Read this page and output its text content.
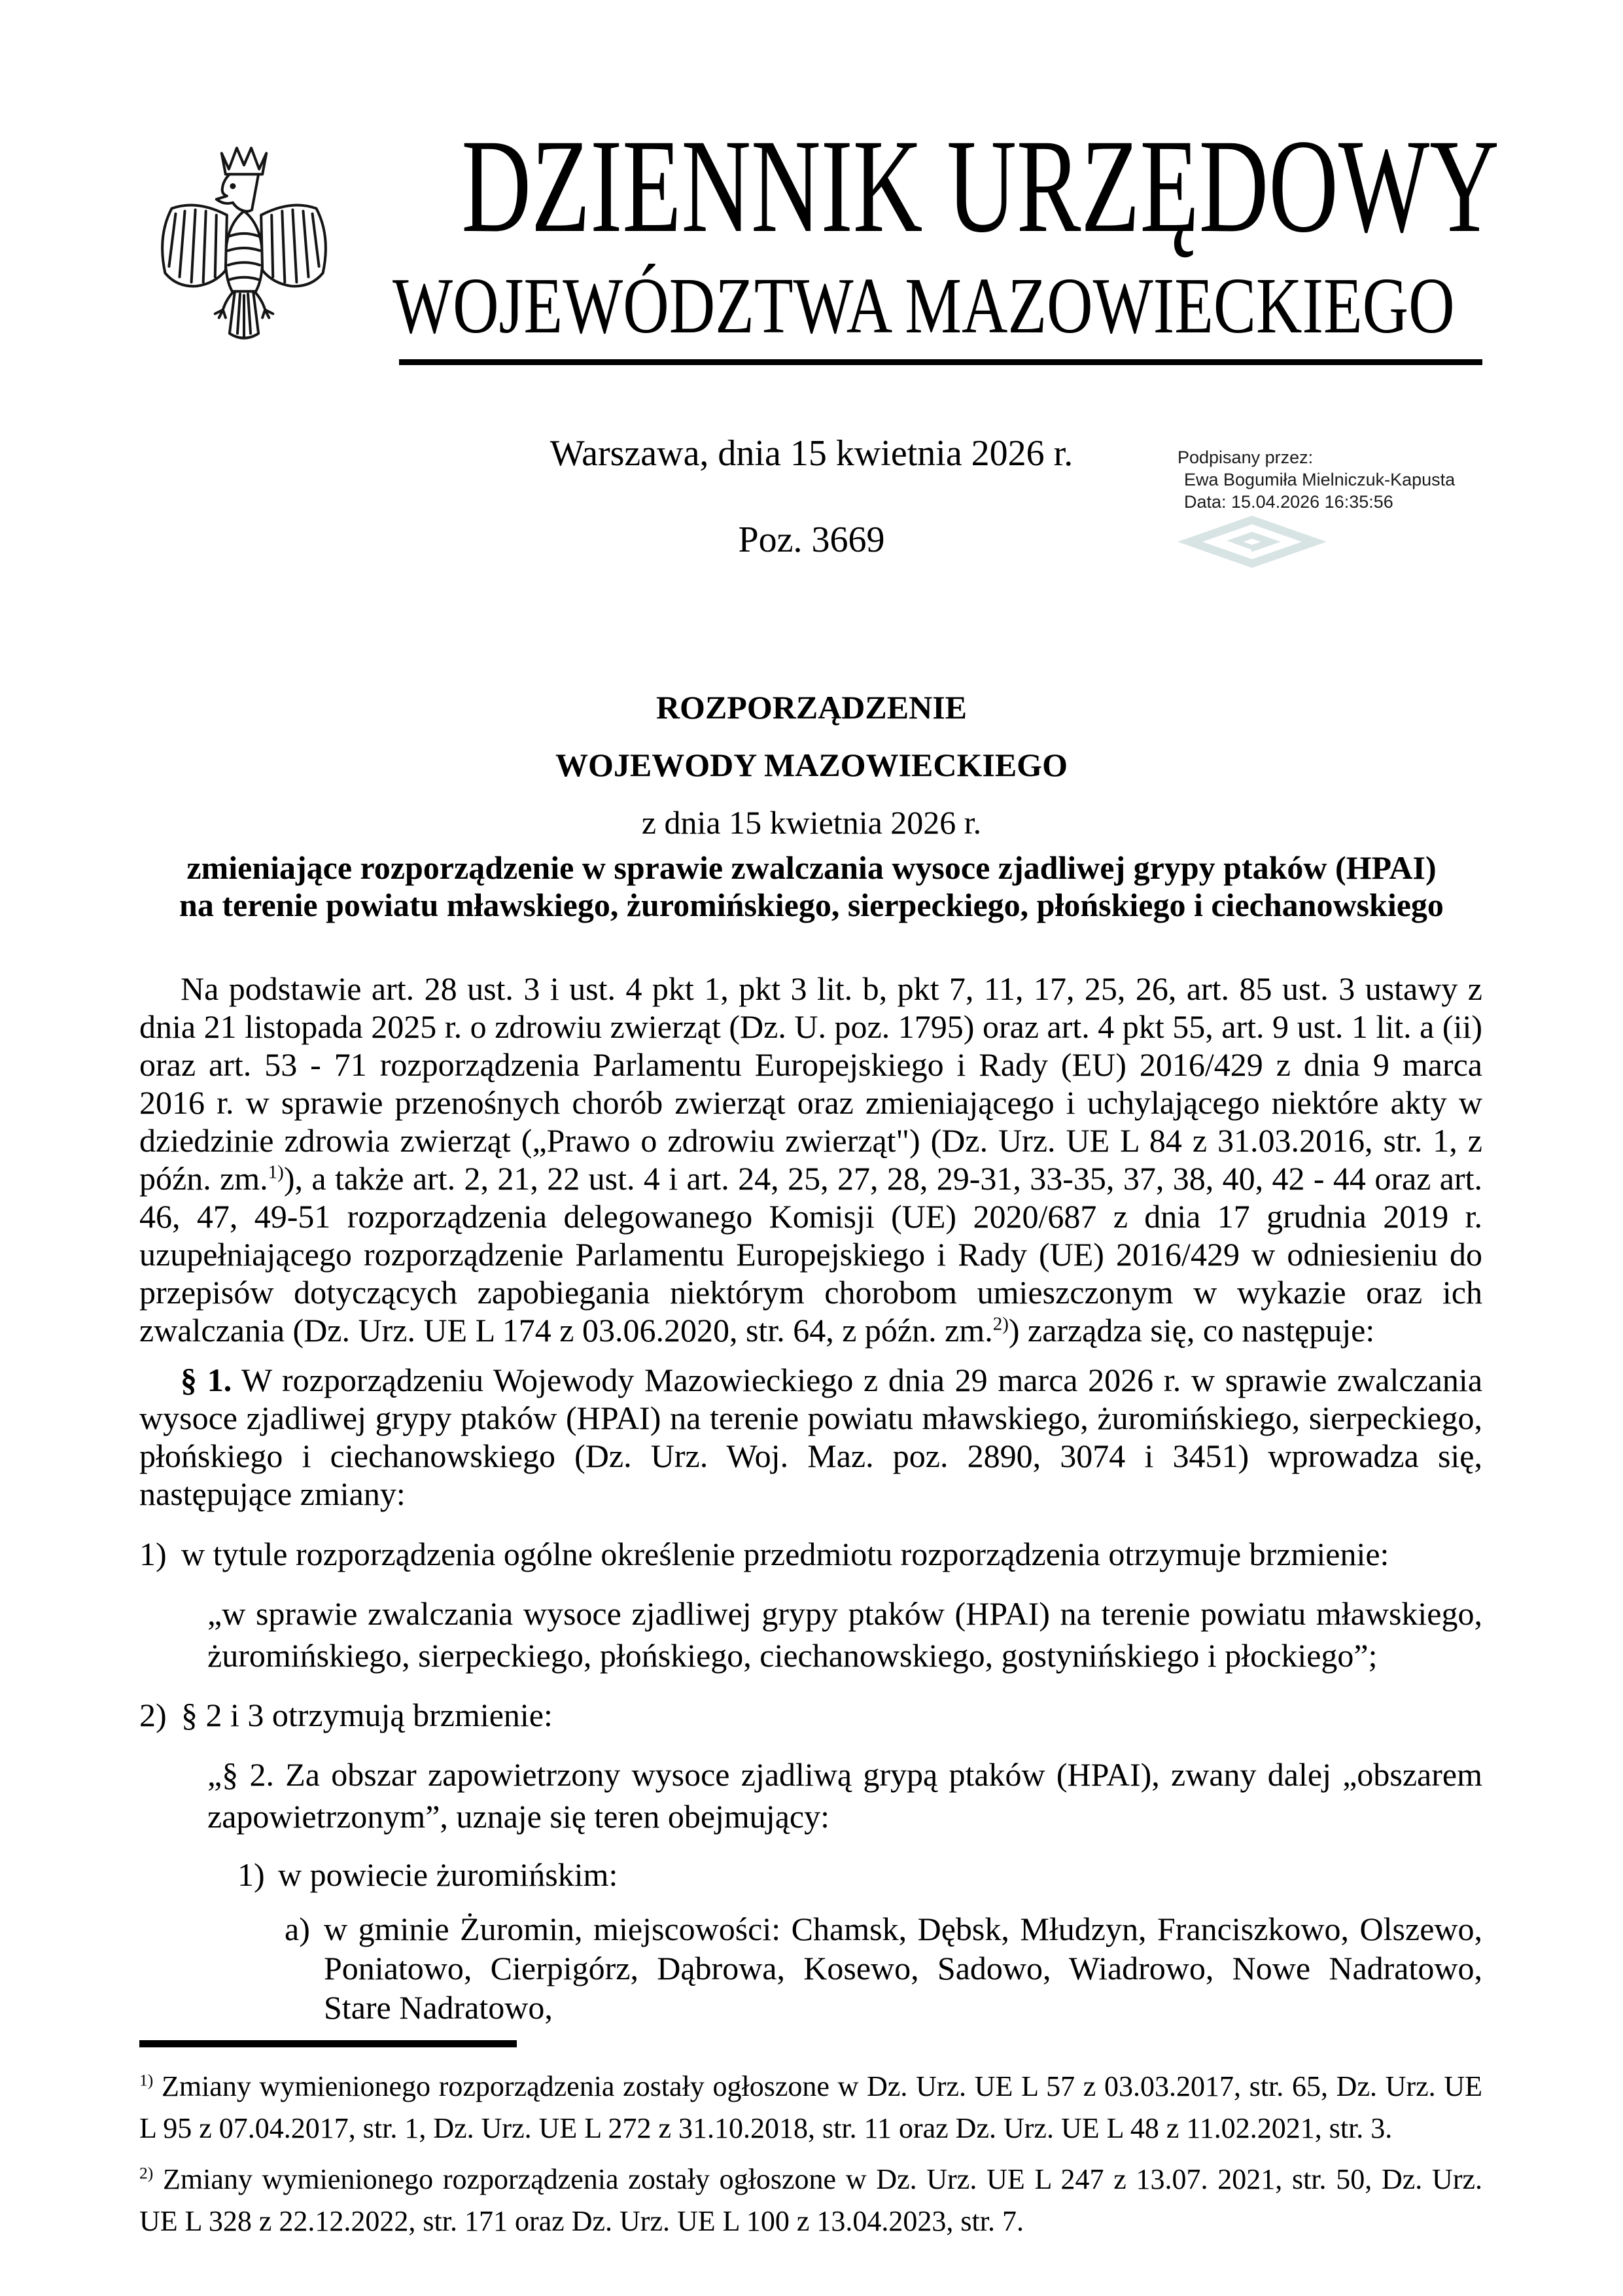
DZIENNIK URZĘDOWY
WOJEWÓDZTWA MAZOWIECKIEGO
Warszawa, dnia 15 kwietnia 2026 r.
Poz. 3669
Podpisany przez:
Ewa Bogumiła Mielniczuk-Kapusta
Data: 15.04.2026 16:35:56
ROZPORZĄDZENIE
WOJEWODY MAZOWIECKIEGO
z dnia 15 kwietnia 2026 r.
zmieniające rozporządzenie w sprawie zwalczania wysoce zjadliwej grypy ptaków (HPAI)
na terenie powiatu mławskiego, żuromińskiego, sierpeckiego, płońskiego i ciechanowskiego

Na podstawie art. 28 ust. 3 i ust. 4 pkt 1, pkt 3 lit. b, pkt 7, 11, 17, 25, 26, art. 85 ust. 3 ustawy z dnia 21 listopada 2025 r. o zdrowiu zwierząt (Dz. U. poz. 1795) oraz art. 4 pkt 55, art. 9 ust. 1 lit. a (ii) oraz art. 53 - 71 rozporządzenia Parlamentu Europejskiego i Rady (EU) 2016/429 z dnia 9 marca 2016 r. w sprawie przenośnych chorób zwierząt oraz zmieniającego i uchylającego niektóre akty w dziedzinie zdrowia zwierząt („Prawo o zdrowiu zwierząt") (Dz. Urz. UE L 84 z 31.03.2016, str. 1, z późn. zm.$^{1)}$), a także art. 2, 21, 22 ust. 4 i art. 24, 25, 27, 28, 29-31, 33-35, 37, 38, 40, 42 - 44 oraz art. 46, 47, 49-51 rozporządzenia delegowanego Komisji (UE) 2020/687 z dnia 17 grudnia 2019 r. uzupełniającego rozporządzenie Parlamentu Europejskiego i Rady (UE) 2016/429 w odniesieniu do przepisów dotyczących zapobiegania niektórym chorobom umieszczonym w wykazie oraz ich zwalczania (Dz. Urz. UE L 174 z 03.06.2020, str. 64, z późn. zm.$^{2)}$) zarządza się, co następuje:

§ 1. W rozporządzeniu Wojewody Mazowieckiego z dnia 29 marca 2026 r. w sprawie zwalczania wysoce zjadliwej grypy ptaków (HPAI) na terenie powiatu mławskiego, żuromińskiego, sierpeckiego, płońskiego i ciechanowskiego (Dz. Urz. Woj. Maz. poz. 2890, 3074 i 3451) wprowadza się, następujące zmiany:

1) w tytule rozporządzenia ogólne określenie przedmiotu rozporządzenia otrzymuje brzmienie:

„w sprawie zwalczania wysoce zjadliwej grypy ptaków (HPAI) na terenie powiatu mławskiego, żuromińskiego, sierpeckiego, płońskiego, ciechanowskiego, gostynińskiego i płockiego”;

2) § 2 i 3 otrzymują brzmienie:

„§ 2. Za obszar zapowietrzony wysoce zjadliwą grypą ptaków (HPAI), zwany dalej „obszarem zapowietrzonym”, uznaje się teren obejmujący:

1) w powiecie żuromińskim:
a) w gminie Żuromin, miejscowości: Chamsk, Dębsk, Młudzyn, Franciszkowo, Olszewo, Poniatowo, Cierpigórz, Dąbrowa, Kosewo, Sadowo, Wiadrowo, Nowe Nadratowo, Stare Nadratowo,

$^{1)}$ Zmiany wymienionego rozporządzenia zostały ogłoszone w Dz. Urz. UE L 57 z 03.03.2017, str. 65, Dz. Urz. UE L 95 z 07.04.2017, str. 1, Dz. Urz. UE L 272 z 31.10.2018, str. 11 oraz Dz. Urz. UE L 48 z 11.02.2021, str. 3.

$^{2)}$ Zmiany wymienionego rozporządzenia zostały ogłoszone w Dz. Urz. UE L 247 z 13.07. 2021, str. 50, Dz. Urz. UE L 328 z 22.12.2022, str. 171 oraz Dz. Urz. UE L 100 z 13.04.2023, str. 7.
